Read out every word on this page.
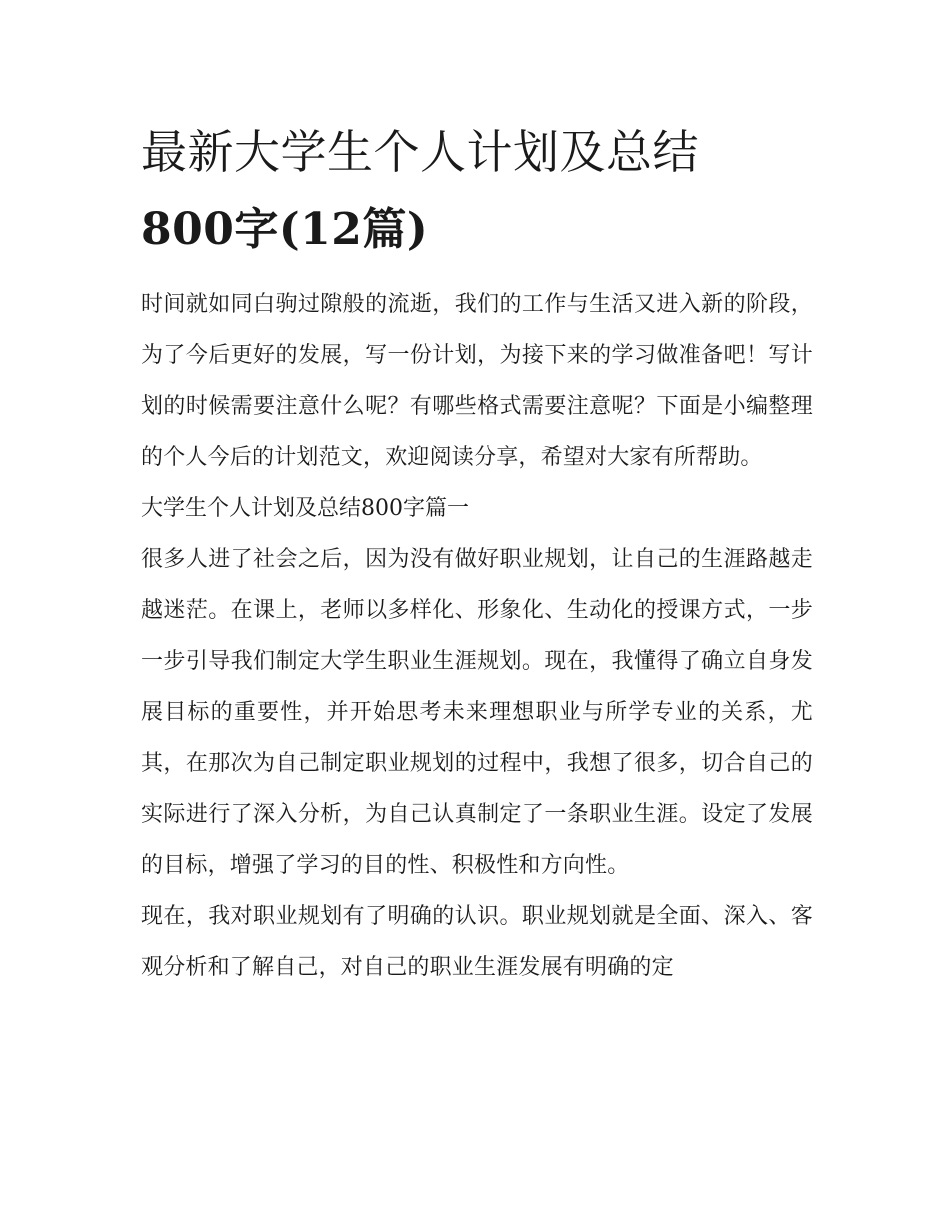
最新大学生个人计划及总结
800字(12篇)

时间就如同白驹过隙般的流逝，我们的工作与生活又进入新的阶段，为了今后更好的发展，写一份计划，为接下来的学习做准备吧！写计划的时候需要注意什么呢？有哪些格式需要注意呢？下面是小编整理的个人今后的计划范文，欢迎阅读分享，希望对大家有所帮助。

大学生个人计划及总结800字篇一

很多人进了社会之后，因为没有做好职业规划，让自己的生涯路越走越迷茫。在课上，老师以多样化、形象化、生动化的授课方式，一步一步引导我们制定大学生职业生涯规划。现在，我懂得了确立自身发展目标的重要性，并开始思考未来理想职业与所学专业的关系，尤其，在那次为自己制定职业规划的过程中，我想了很多，切合自己的实际进行了深入分析，为自己认真制定了一条职业生涯。设定了发展的目标，增强了学习的目的性、积极性和方向性。

现在，我对职业规划有了明确的认识。职业规划就是全面、深入、客观分析和了解自己，对自己的职业生涯发展有明确的定
